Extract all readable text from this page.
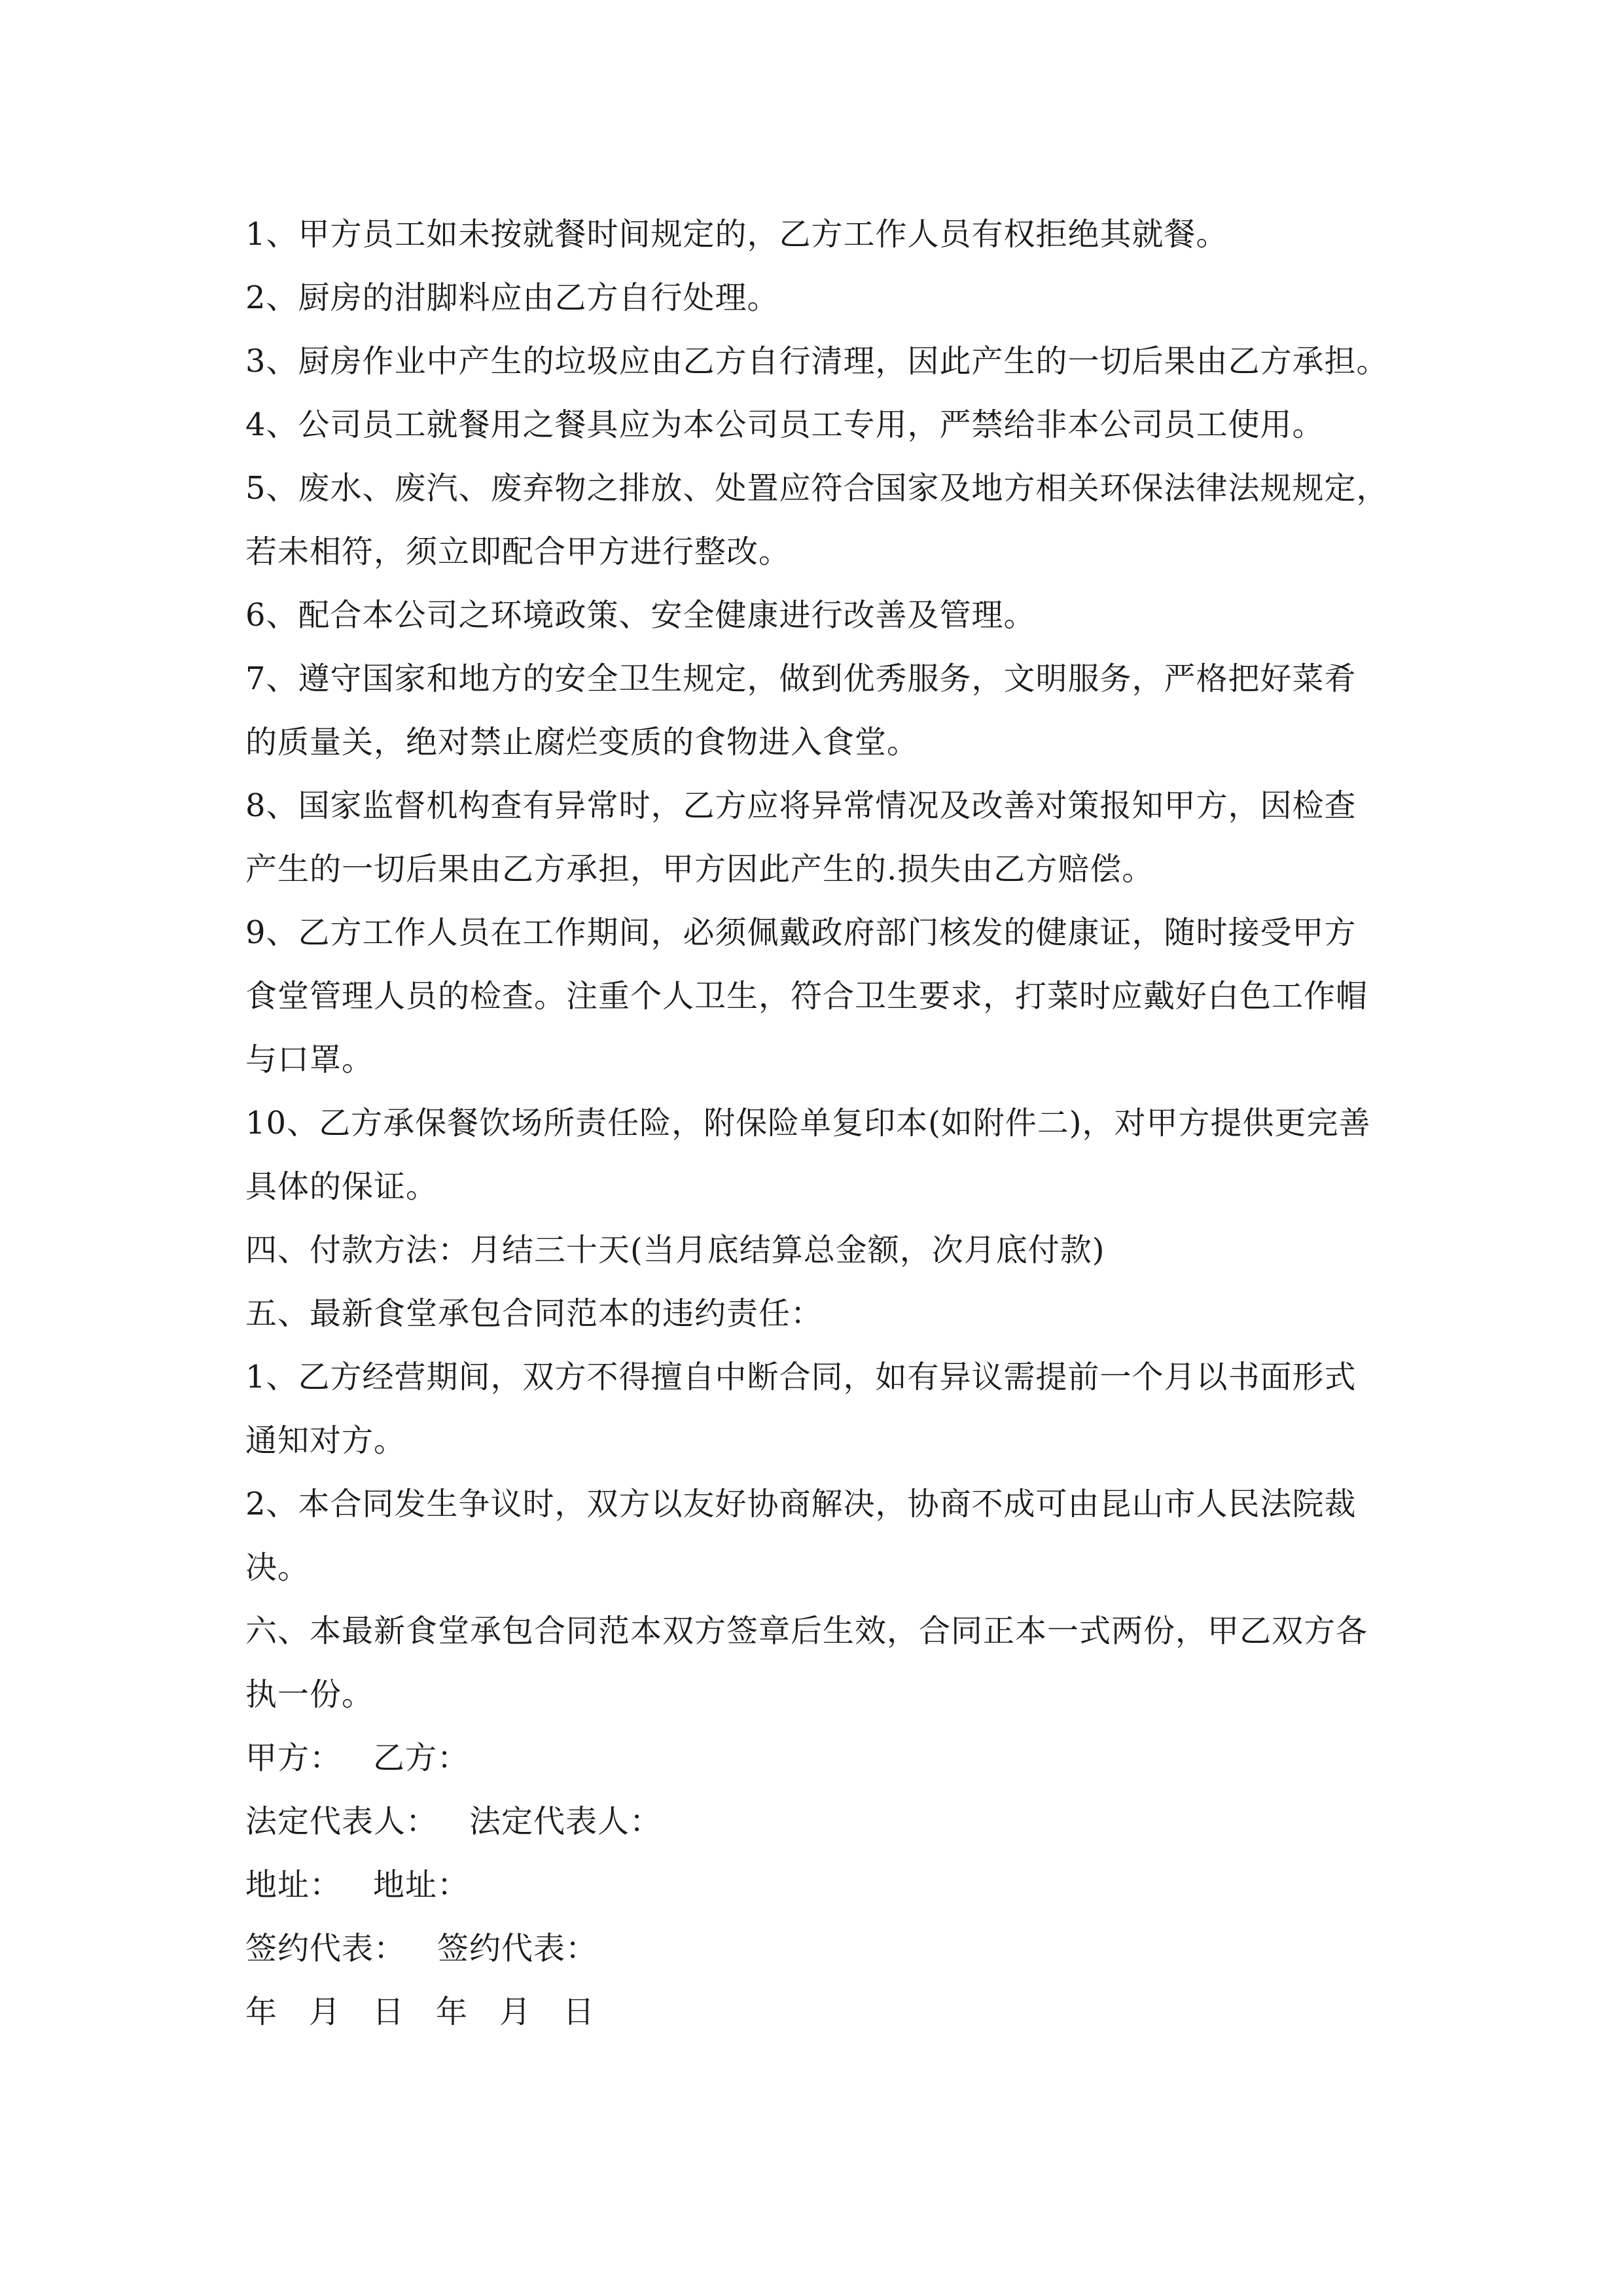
1、甲方员工如未按就餐时间规定的，乙方工作人员有权拒绝其就餐。
2、厨房的泔脚料应由乙方自行处理。
3、厨房作业中产生的垃圾应由乙方自行清理，因此产生的一切后果由乙方承担。
4、公司员工就餐用之餐具应为本公司员工专用，严禁给非本公司员工使用。
5、废水、废汽、废弃物之排放、处置应符合国家及地方相关环保法律法规规定，
若未相符，须立即配合甲方进行整改。
6、配合本公司之环境政策、安全健康进行改善及管理。
7、遵守国家和地方的安全卫生规定，做到优秀服务，文明服务，严格把好菜肴
的质量关，绝对禁止腐烂变质的食物进入食堂。
8、国家监督机构查有异常时，乙方应将异常情况及改善对策报知甲方，因检查
产生的一切后果由乙方承担，甲方因此产生的.损失由乙方赔偿。
9、乙方工作人员在工作期间，必须佩戴政府部门核发的健康证，随时接受甲方
食堂管理人员的检查。注重个人卫生，符合卫生要求，打菜时应戴好白色工作帽
与口罩。
10、乙方承保餐饮场所责任险，附保险单复印本(如附件二)，对甲方提供更完善
具体的保证。
四、付款方法：月结三十天(当月底结算总金额，次月底付款)
五、最新食堂承包合同范本的违约责任：
1、乙方经营期间，双方不得擅自中断合同，如有异议需提前一个月以书面形式
通知对方。
2、本合同发生争议时，双方以友好协商解决，协商不成可由昆山市人民法院裁
决。
六、本最新食堂承包合同范本双方签章后生效，合同正本一式两份，甲乙双方各
执一份。
甲方： 乙方：
法定代表人： 法定代表人：
地址： 地址：
签约代表： 签约代表：
年 月 日 年 月 日
